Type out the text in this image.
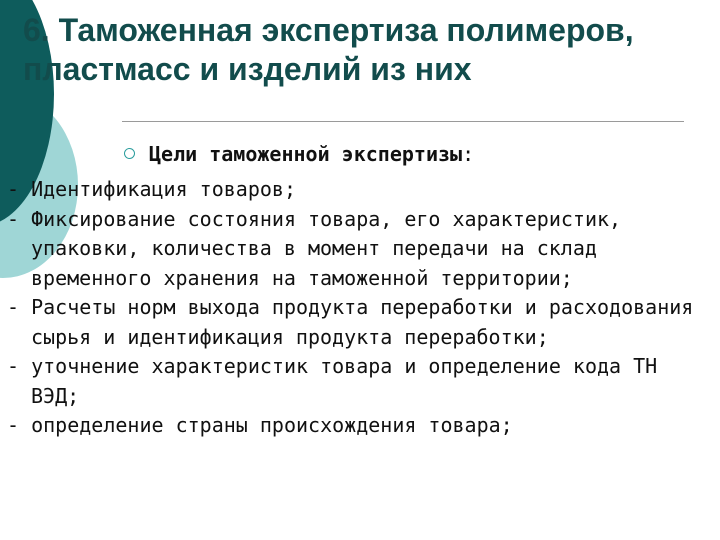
6. Таможенная экспертиза полимеров, пластмасс и изделий из них
Цели таможенной экспертизы:
- Идентификация товаров;
- Фиксирование состояния товара, его характеристик, упаковки, количества в момент передачи на склад временного хранения на таможенной территории;
- Расчеты норм выхода продукта переработки и расходования сырья и идентификация продукта переработки;
- уточнение характеристик товара и определение кода ТН ВЭД;
- определение страны происхождения товара;
